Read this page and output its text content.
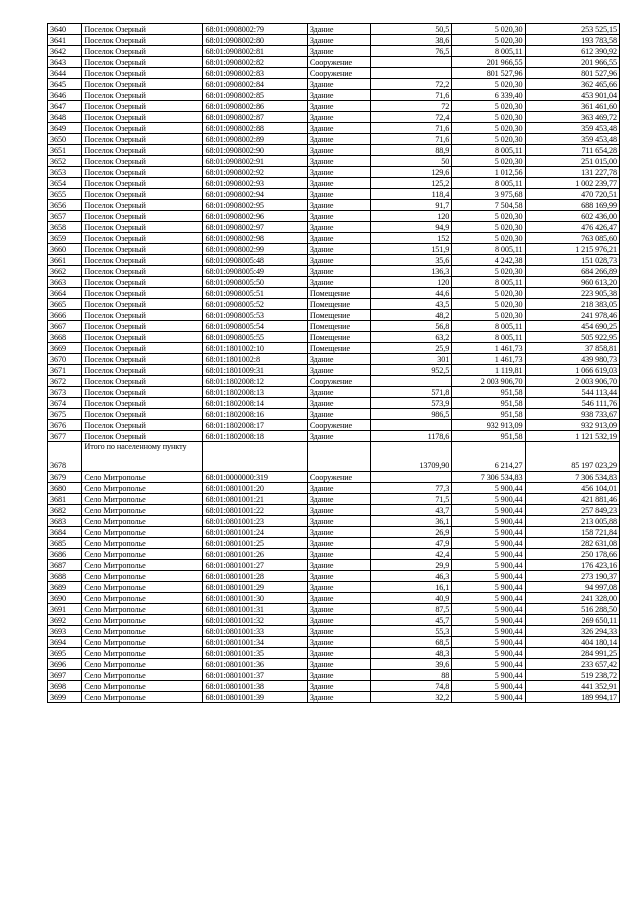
3640	Поселок Озерный	68:01:0908002:79	Здание	50,5	5 020,30	253 525,15
3641	Поселок Озерный	68:01:0908002:80	Здание	38,6	5 020,30	193 783,58
3642	Поселок Озерный	68:01:0908002:81	Здание	76,5	8 005,11	612 390,92
3643	Поселок Озерный	68:01:0908002:82	Сооружение		201 966,55	201 966,55
3644	Поселок Озерный	68:01:0908002:83	Сооружение		801 527,96	801 527,96
3645	Поселок Озерный	68:01:0908002:84	Здание	72,2	5 020,30	362 465,66
3646	Поселок Озерный	68:01:0908002:85	Здание	71,6	6 339,40	453 901,04
3647	Поселок Озерный	68:01:0908002:86	Здание	72	5 020,30	361 461,60
3648	Поселок Озерный	68:01:0908002:87	Здание	72,4	5 020,30	363 469,72
3649	Поселок Озерный	68:01:0908002:88	Здание	71,6	5 020,30	359 453,48
3650	Поселок Озерный	68:01:0908002:89	Здание	71,6	5 020,30	359 453,48
3651	Поселок Озерный	68:01:0908002:90	Здание	88,9	8 005,11	711 654,28
3652	Поселок Озерный	68:01:0908002:91	Здание	50	5 020,30	251 015,00
3653	Поселок Озерный	68:01:0908002:92	Здание	129,6	1 012,56	131 227,78
3654	Поселок Озерный	68:01:0908002:93	Здание	125,2	8 005,11	1 002 239,77
3655	Поселок Озерный	68:01:0908002:94	Здание	118,4	3 975,68	470 720,51
3656	Поселок Озерный	68:01:0908002:95	Здание	91,7	7 504,58	688 169,99
3657	Поселок Озерный	68:01:0908002:96	Здание	120	5 020,30	602 436,00
3658	Поселок Озерный	68:01:0908002:97	Здание	94,9	5 020,30	476 426,47
3659	Поселок Озерный	68:01:0908002:98	Здание	152	5 020,30	763 085,60
3660	Поселок Озерный	68:01:0908002:99	Здание	151,9	8 005,11	1 215 976,21
3661	Поселок Озерный	68:01:0908005:48	Здание	35,6	4 242,38	151 028,73
3662	Поселок Озерный	68:01:0908005:49	Здание	136,3	5 020,30	684 266,89
3663	Поселок Озерный	68:01:0908005:50	Здание	120	8 005,11	960 613,20
3664	Поселок Озерный	68:01:0908005:51	Помещение	44,6	5 020,30	223 905,38
3665	Поселок Озерный	68:01:0908005:52	Помещение	43,5	5 020,30	218 383,05
3666	Поселок Озерный	68:01:0908005:53	Помещение	48,2	5 020,30	241 978,46
3667	Поселок Озерный	68:01:0908005:54	Помещение	56,8	8 005,11	454 690,25
3668	Поселок Озерный	68:01:0908005:55	Помещение	63,2	8 005,11	505 922,95
3669	Поселок Озерный	68:01:1801002:10	Помещение	25,9	1 461,73	37 858,81
3670	Поселок Озерный	68:01:1801002:8	Здание	301	1 461,73	439 980,73
3671	Поселок Озерный	68:01:1801009:31	Здание	952,5	1 119,81	1 066 619,03
3672	Поселок Озерный	68:01:1802008:12	Сооружение		2 003 906,70	2 003 906,70
3673	Поселок Озерный	68:01:1802008:13	Здание	571,8	951,58	544 113,44
3674	Поселок Озерный	68:01:1802008:14	Здание	573,9	951,58	546 111,76
3675	Поселок Озерный	68:01:1802008:16	Здание	986,5	951,58	938 733,67
3676	Поселок Озерный	68:01:1802008:17	Сооружение		932 913,09	932 913,09
3677	Поселок Озерный	68:01:1802008:18	Здание	1178,6	951,58	1 121 532,19
3678	Итого по населенному пункту			13709,90	6 214,27	85 197 023,29
3679	Село Митрополье	68:01:0000000:319	Сооружение		7 306 534,83	7 306 534,83
3680	Село Митрополье	68:01:0801001:20	Здание	77,3	5 900,44	456 104,01
3681	Село Митрополье	68:01:0801001:21	Здание	71,5	5 900,44	421 881,46
3682	Село Митрополье	68:01:0801001:22	Здание	43,7	5 900,44	257 849,23
3683	Село Митрополье	68:01:0801001:23	Здание	36,1	5 900,44	213 005,88
3684	Село Митрополье	68:01:0801001:24	Здание	26,9	5 900,44	158 721,84
3685	Село Митрополье	68:01:0801001:25	Здание	47,9	5 900,44	282 631,08
3686	Село Митрополье	68:01:0801001:26	Здание	42,4	5 900,44	250 178,66
3687	Село Митрополье	68:01:0801001:27	Здание	29,9	5 900,44	176 423,16
3688	Село Митрополье	68:01:0801001:28	Здание	46,3	5 900,44	273 190,37
3689	Село Митрополье	68:01:0801001:29	Здание	16,1	5 900,44	94 997,08
3690	Село Митрополье	68:01:0801001:30	Здание	40,9	5 900,44	241 328,00
3691	Село Митрополье	68:01:0801001:31	Здание	87,5	5 900,44	516 288,50
3692	Село Митрополье	68:01:0801001:32	Здание	45,7	5 900,44	269 650,11
3693	Село Митрополье	68:01:0801001:33	Здание	55,3	5 900,44	326 294,33
3694	Село Митрополье	68:01:0801001:34	Здание	68,5	5 900,44	404 180,14
3695	Село Митрополье	68:01:0801001:35	Здание	48,3	5 900,44	284 991,25
3696	Село Митрополье	68:01:0801001:36	Здание	39,6	5 900,44	233 657,42
3697	Село Митрополье	68:01:0801001:37	Здание	88	5 900,44	519 238,72
3698	Село Митрополье	68:01:0801001:38	Здание	74,8	5 900,44	441 352,91
3699	Село Митрополье	68:01:0801001:39	Здание	32,2	5 900,44	189 994,17
